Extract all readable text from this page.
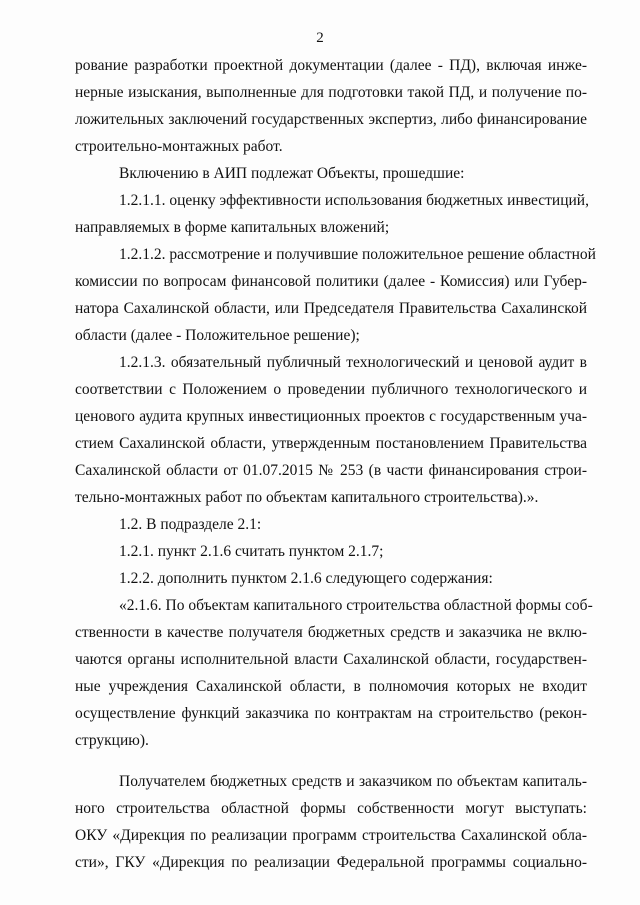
2
рование разработки проектной документации (далее - ПД), включая инже-
нерные изыскания, выполненные для подготовки такой ПД, и получение по-
ложительных заключений государственных экспертиз, либо финансирование
строительно-монтажных работ.
Включению в АИП подлежат Объекты, прошедшие:
1.2.1.1. оценку эффективности использования бюджетных инвестиций,
направляемых в форме капитальных вложений;
1.2.1.2. рассмотрение и получившие положительное решение областной
комиссии по вопросам финансовой политики (далее - Комиссия) или Губер-
натора Сахалинской области, или Председателя Правительства Сахалинской
области (далее - Положительное решение);
1.2.1.3. обязательный публичный технологический и ценовой аудит в
соответствии с Положением о проведении публичного технологического и
ценового аудита крупных инвестиционных проектов с государственным уча-
стием Сахалинской области, утвержденным постановлением Правительства
Сахалинской области от 01.07.2015 № 253 (в части финансирования строи-
тельно-монтажных работ по объектам капитального строительства).».
1.2. В подразделе 2.1:
1.2.1. пункт 2.1.6 считать пунктом 2.1.7;
1.2.2. дополнить пунктом 2.1.6 следующего содержания:
«2.1.6. По объектам капитального строительства областной формы соб-
ственности в качестве получателя бюджетных средств и заказчика не вклю-
чаются органы исполнительной власти Сахалинской области, государствен-
ные учреждения Сахалинской области, в полномочия которых не входит
осуществление функций заказчика по контрактам на строительство (рекон-
струкцию).
Получателем бюджетных средств и заказчиком по объектам капиталь-
ного строительства областной формы собственности могут выступать:
ОКУ «Дирекция по реализации программ строительства Сахалинской обла-
сти», ГКУ «Дирекция по реализации Федеральной программы социально-
